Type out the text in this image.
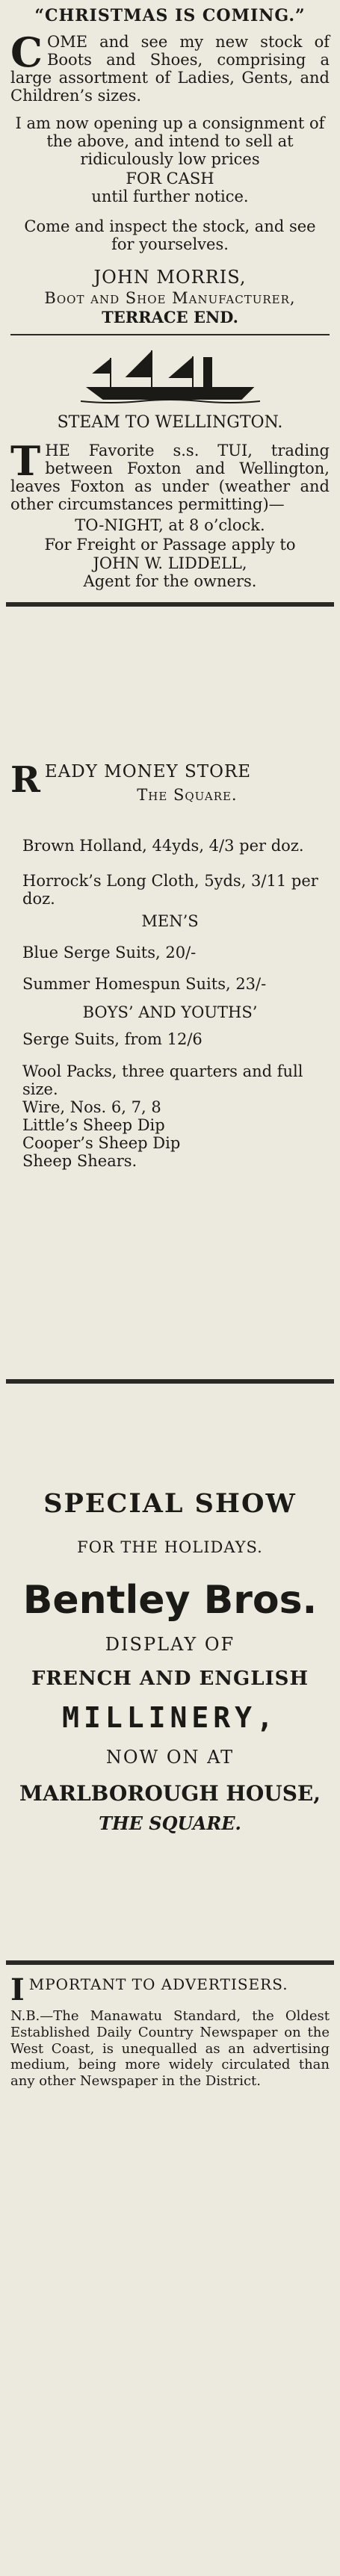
“CHRISTMAS IS COMING.”
C OME and see my new stock of Boots and Shoes, comprising a large assortment of Ladies, Gents, and Children’s sizes.
I am now opening up a consignment of the above, and intend to sell at ridiculously low prices
FOR CASH
until further notice.
Come and inspect the stock, and see for yourselves.
JOHN MORRIS,
Boot and Shoe Manufacturer,
TERRACE END.
STEAM TO WELLINGTON.
T HE Favorite s.s. TUI, trading between Foxton and Wellington, leaves Foxton as under (weather and other circumstances permitting)—
TO-NIGHT, at 8 o’clock.
For Freight or Passage apply to
JOHN W. LIDDELL,
Agent for the owners.
R EADY MONEY STORE
The Square.
Brown Holland, 44yds, 4/3 per doz.
Horrock’s Long Cloth, 5yds, 3/11 per doz.
MEN’S
Blue Serge Suits, 20/-
Summer Homespun Suits, 23/-
BOYS’ AND YOUTHS’
Serge Suits, from 12/6
Wool Packs, three quarters and full size.
Wire, Nos. 6, 7, 8
Little’s Sheep Dip
Cooper’s Sheep Dip
Sheep Shears.
SPECIAL SHOW
FOR THE HOLIDAYS.
Bentley Bros.
DISPLAY OF
FRENCH AND ENGLISH
MILLINERY,
NOW ON AT
MARLBOROUGH HOUSE,
THE SQUARE.
I MPORTANT TO ADVERTISERS.
N.B.—The Manawatu Standard, the Oldest Established Daily Country Newspaper on the West Coast, is unequalled as an advertising medium, being more widely circulated than any other Newspaper in the District.
